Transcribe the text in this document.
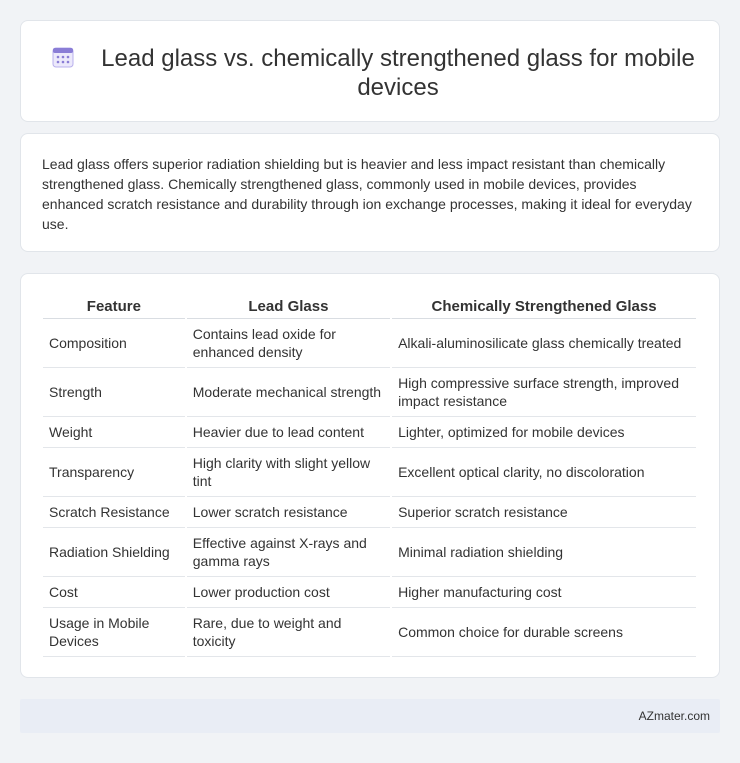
Lead glass vs. chemically strengthened glass for mobile devices

Lead glass offers superior radiation shielding but is heavier and less impact resistant than chemically strengthened glass. Chemically strengthened glass, commonly used in mobile devices, provides enhanced scratch resistance and durability through ion exchange processes, making it ideal for everyday use.

Feature	Lead Glass	Chemically Strengthened Glass
Composition	Contains lead oxide for enhanced density	Alkali-aluminosilicate glass chemically treated
Strength	Moderate mechanical strength	High compressive surface strength, improved impact resistance
Weight	Heavier due to lead content	Lighter, optimized for mobile devices
Transparency	High clarity with slight yellow tint	Excellent optical clarity, no discoloration
Scratch Resistance	Lower scratch resistance	Superior scratch resistance
Radiation Shielding	Effective against X-rays and gamma rays	Minimal radiation shielding
Cost	Lower production cost	Higher manufacturing cost
Usage in Mobile Devices	Rare, due to weight and toxicity	Common choice for durable screens
AZmater.com
